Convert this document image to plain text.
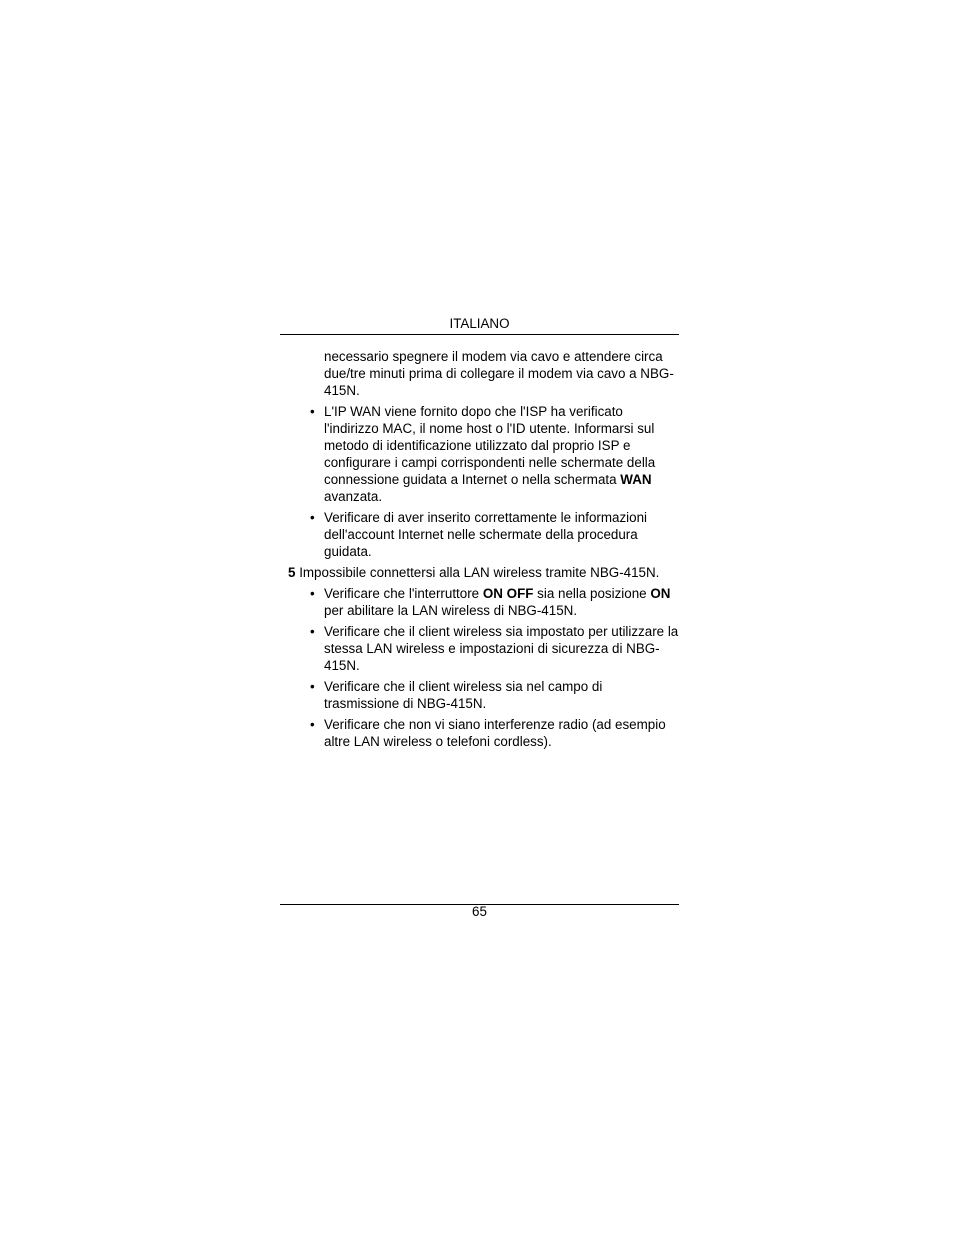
ITALIANO

necessario spegnere il modem via cavo e attendere circa due/tre minuti prima di collegare il modem via cavo a NBG-415N.

• L'IP WAN viene fornito dopo che l'ISP ha verificato l'indirizzo MAC, il nome host o l'ID utente. Informarsi sul metodo di identificazione utilizzato dal proprio ISP e configurare i campi corrispondenti nelle schermate della connessione guidata a Internet o nella schermata WAN avanzata.
• Verificare di aver inserito correttamente le informazioni dell'account Internet nelle schermate della procedura guidata.

5 Impossibile connettersi alla LAN wireless tramite NBG-415N.

• Verificare che l'interruttore ON OFF sia nella posizione ON per abilitare la LAN wireless di NBG-415N.
• Verificare che il client wireless sia impostato per utilizzare la stessa LAN wireless e impostazioni di sicurezza di NBG-415N.
• Verificare che il client wireless sia nel campo di trasmissione di NBG-415N.
• Verificare che non vi siano interferenze radio (ad esempio altre LAN wireless o telefoni cordless).
65
